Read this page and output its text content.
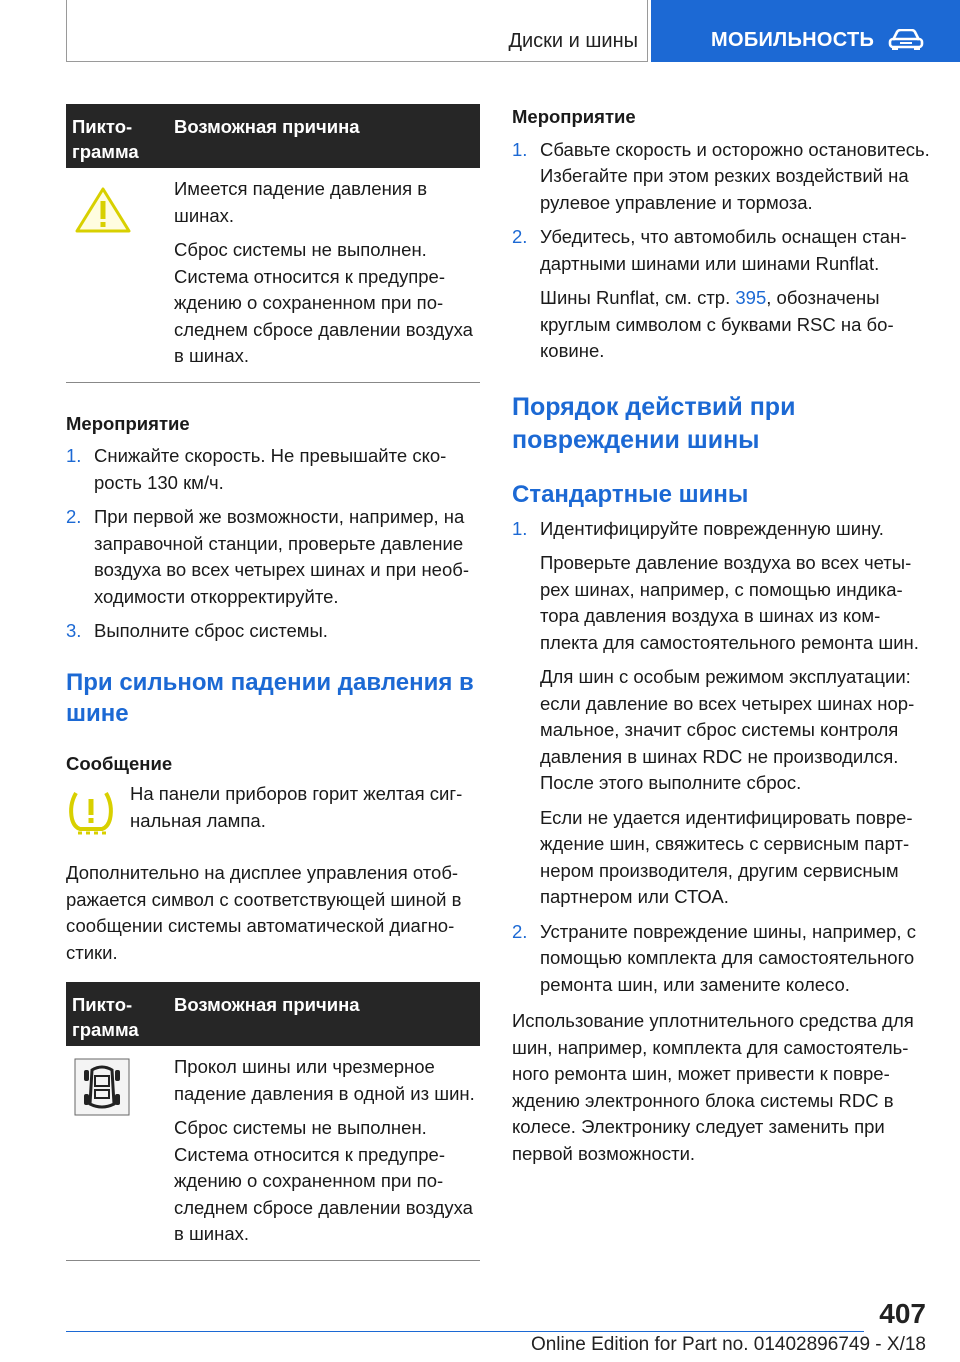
Диски и шины	МОБИЛЬНОСТЬ
Пикто-
грамма
Возможная причина

Имеется падение давления в шинах.

Сброс системы не выполнен. Система относится к предупреждению о сохраненном при последнем сбросе давлении воздуха в шинах.

Мероприятие

1. Снижайте скорость. Не превышайте скорость 130 км/ч.
2. При первой же возможности, например, на заправочной станции, проверьте давление воздуха во всех четырех шинах и при необходимости откорректируйте.
3. Выполните сброс системы.
При сильном падении давления в шине

Сообщение

На панели приборов горит желтая сигнальная лампа.

Дополнительно на дисплее управления отображается символ с соответствующей шиной в сообщении системы автоматической диагностики.

Пикто-
грамма
Возможная причина

Прокол шины или чрезмерное падение давления в одной из шин.

Сброс системы не выполнен. Система относится к предупреждению о сохраненном при последнем сбросе давлении воздуха в шинах.

Мероприятие

1. Сбавьте скорость и осторожно остановитесь. Избегайте при этом резких воздействий на рулевое управление и тормоза.
2. Убедитесь, что автомобиль оснащен стандартными шинами или шинами Runflat.

Шины Runflat, см. стр. 395, обозначены круглым символом с буквами RSC на боковине.

Порядок действий при повреждении шины
Стандартные шины
1. Идентифицируйте поврежденную шину.

Проверьте давление воздуха во всех четырех шинах, например, с помощью индикатора давления воздуха в шинах из комплекта для самостоятельного ремонта шин.

Для шин с особым режимом эксплуатации: если давление во всех четырех шинах нормальное, значит сброс системы контроля давления в шинах RDC не производился. После этого выполните сброс.

Если не удается идентифицировать повреждение шин, свяжитесь с сервисным партнером производителя, другим сервисным партнером или СТОА.

2. Устраните повреждение шины, например, с помощью комплекта для самостоятельного ремонта шин, или замените колесо.

Использование уплотнительного средства для шин, например, комплекта для самостоятельного ремонта шин, может привести к повреждению электронного блока системы RDC в колесе. Электронику следует заменить при первой возможности.

407
Online Edition for Part no. 01402896749 - X/18
